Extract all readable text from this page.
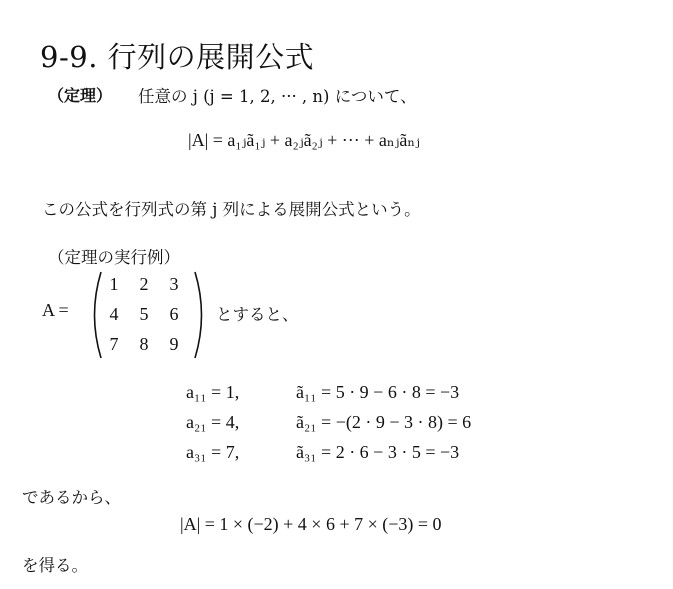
9-9. 行列の展開公式
（定理） 任意の j (j = 1, 2, ··· , n) について、
|A| = a₁ⱼã₁ⱼ + a₂ⱼã₂ⱼ + ··· + aₙⱼãₙⱼ
この公式を行列式の第 j 列による展開公式という。
（定理の実行例）
A =
1	2	3
4	5	6
7	8	9
とすると、
a₁₁ = 1,	ã₁₁ = 5 · 9 − 6 · 8 = −3
a₂₁ = 4,	ã₂₁ = −(2 · 9 − 3 · 8) = 6
a₃₁ = 7,	ã₃₁ = 2 · 6 − 3 · 5 = −3
であるから、
|A| = 1 × (−2) + 4 × 6 + 7 × (−3) = 0
を得る。
